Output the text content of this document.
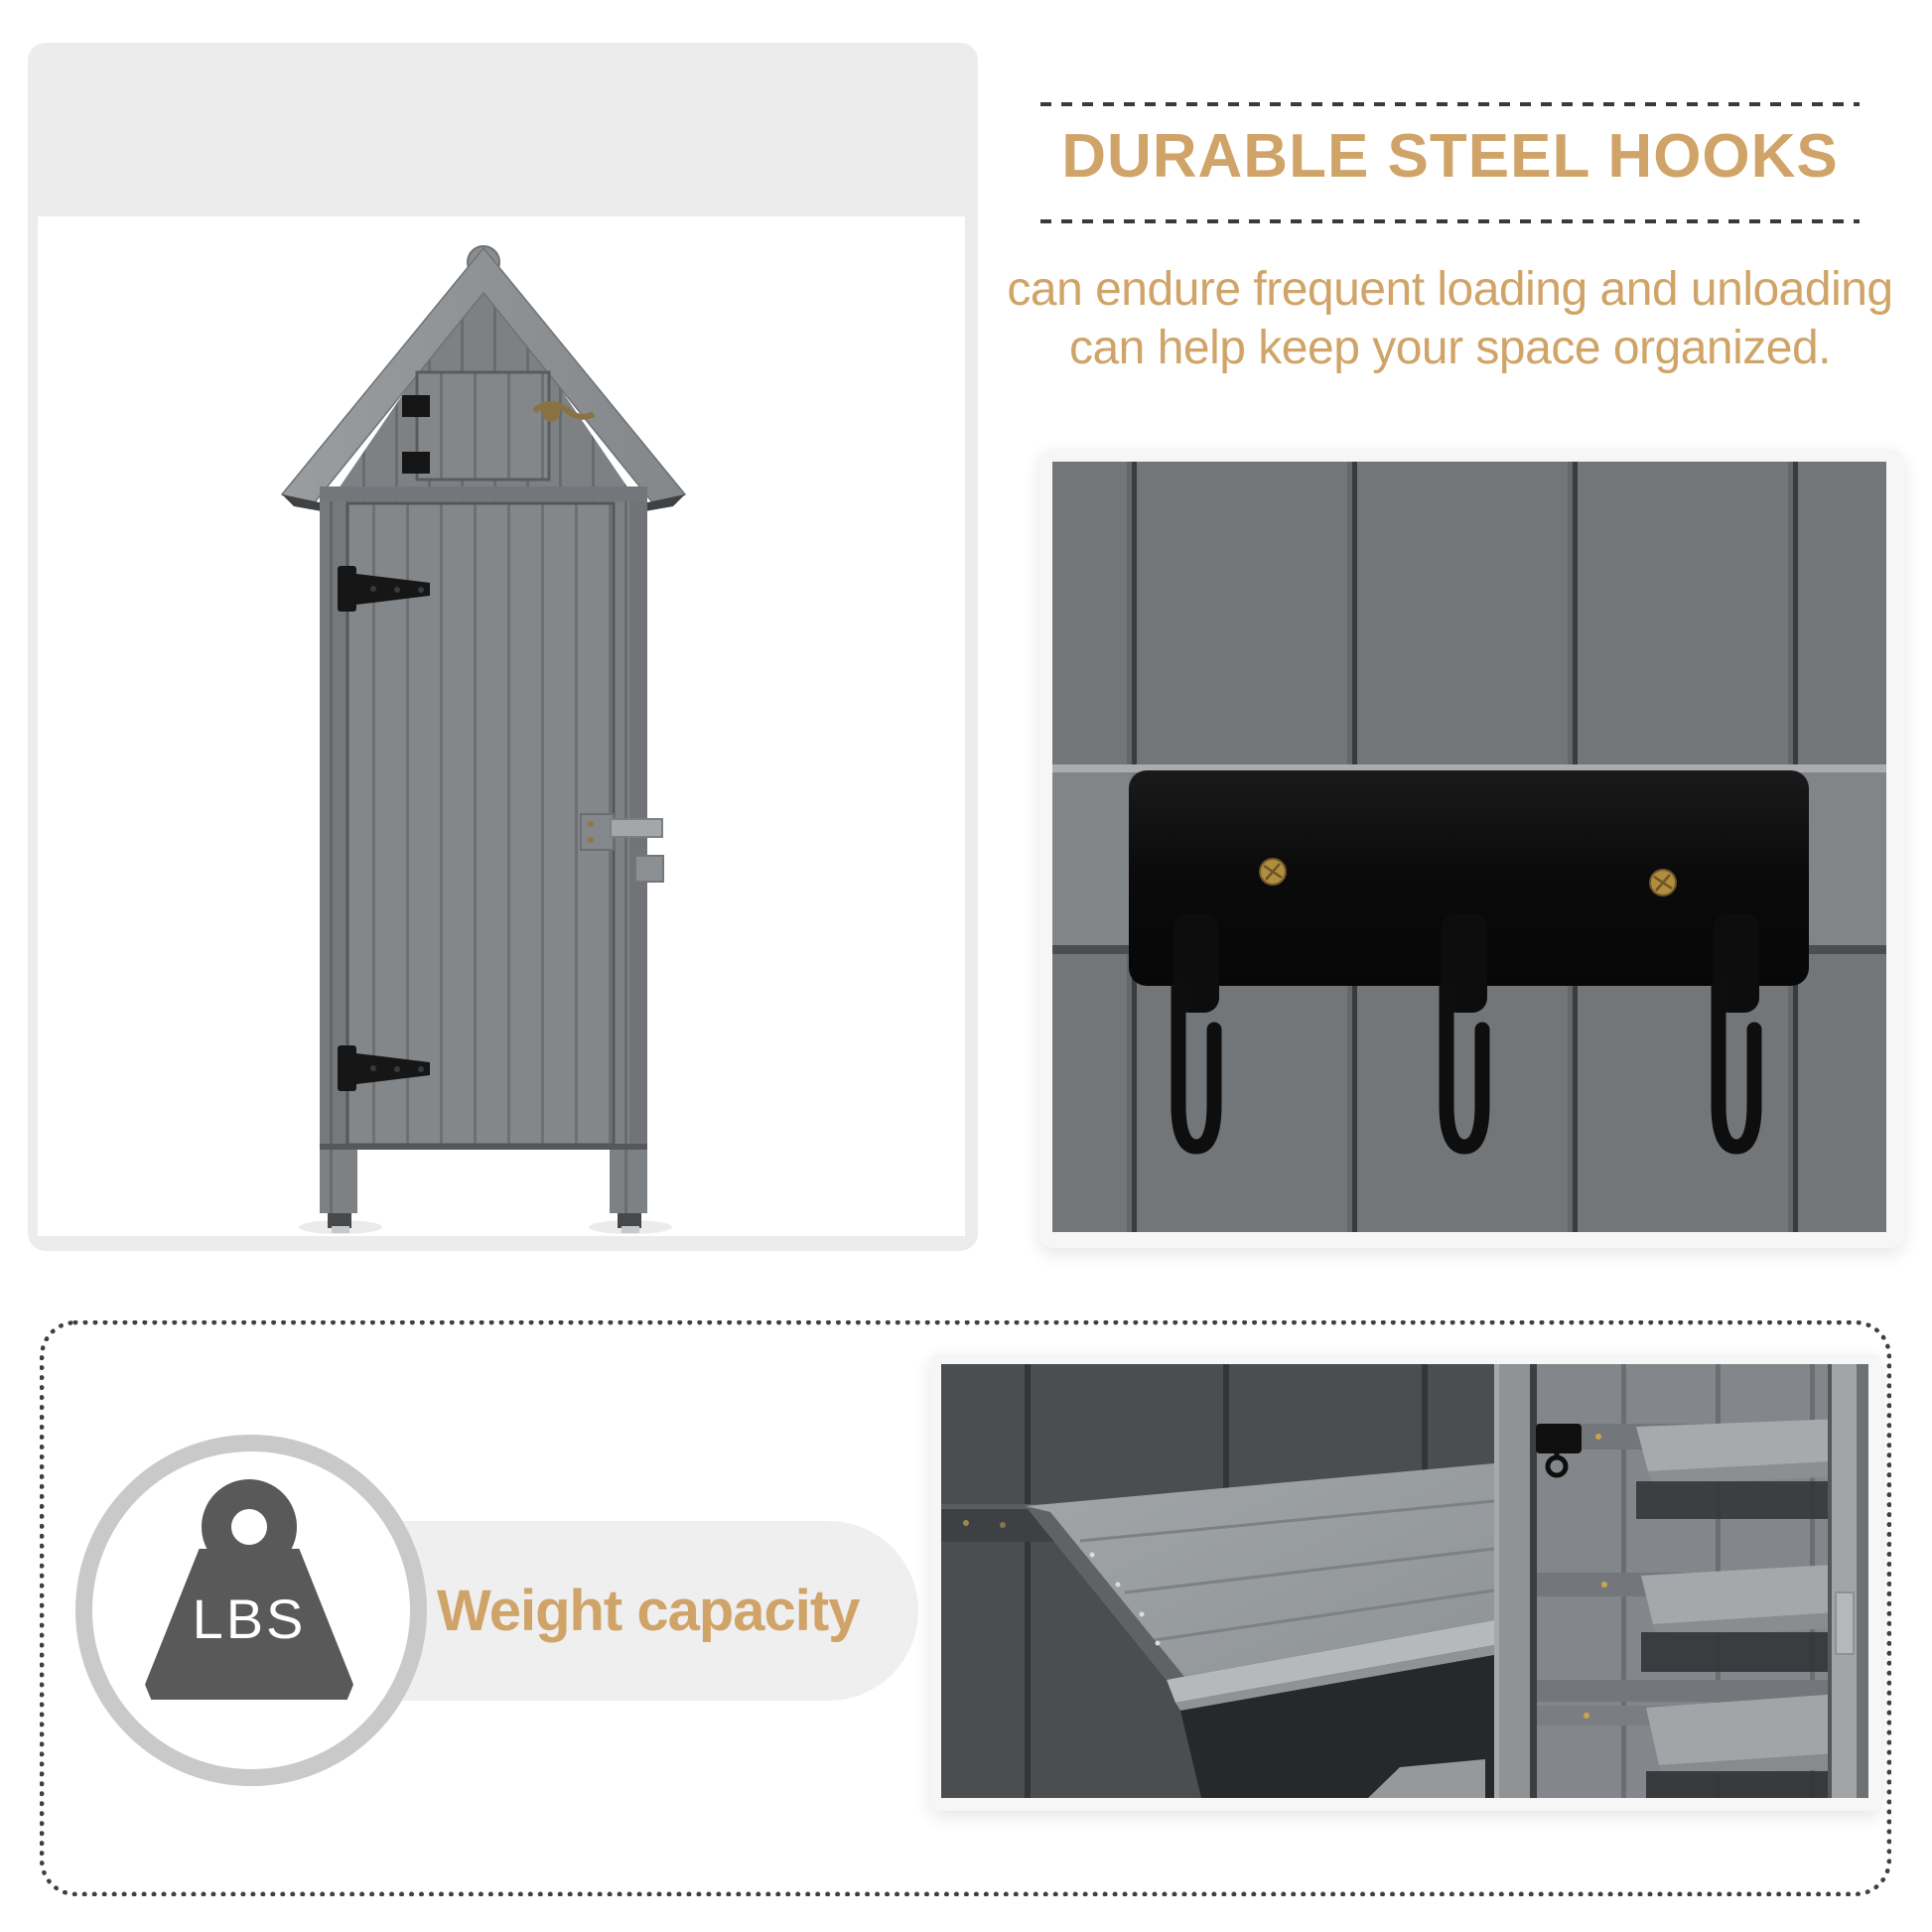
DURABLE STEEL HOOKS
can endure frequent loading and unloading
can help keep your space organized.
LBS	Weight capacity
